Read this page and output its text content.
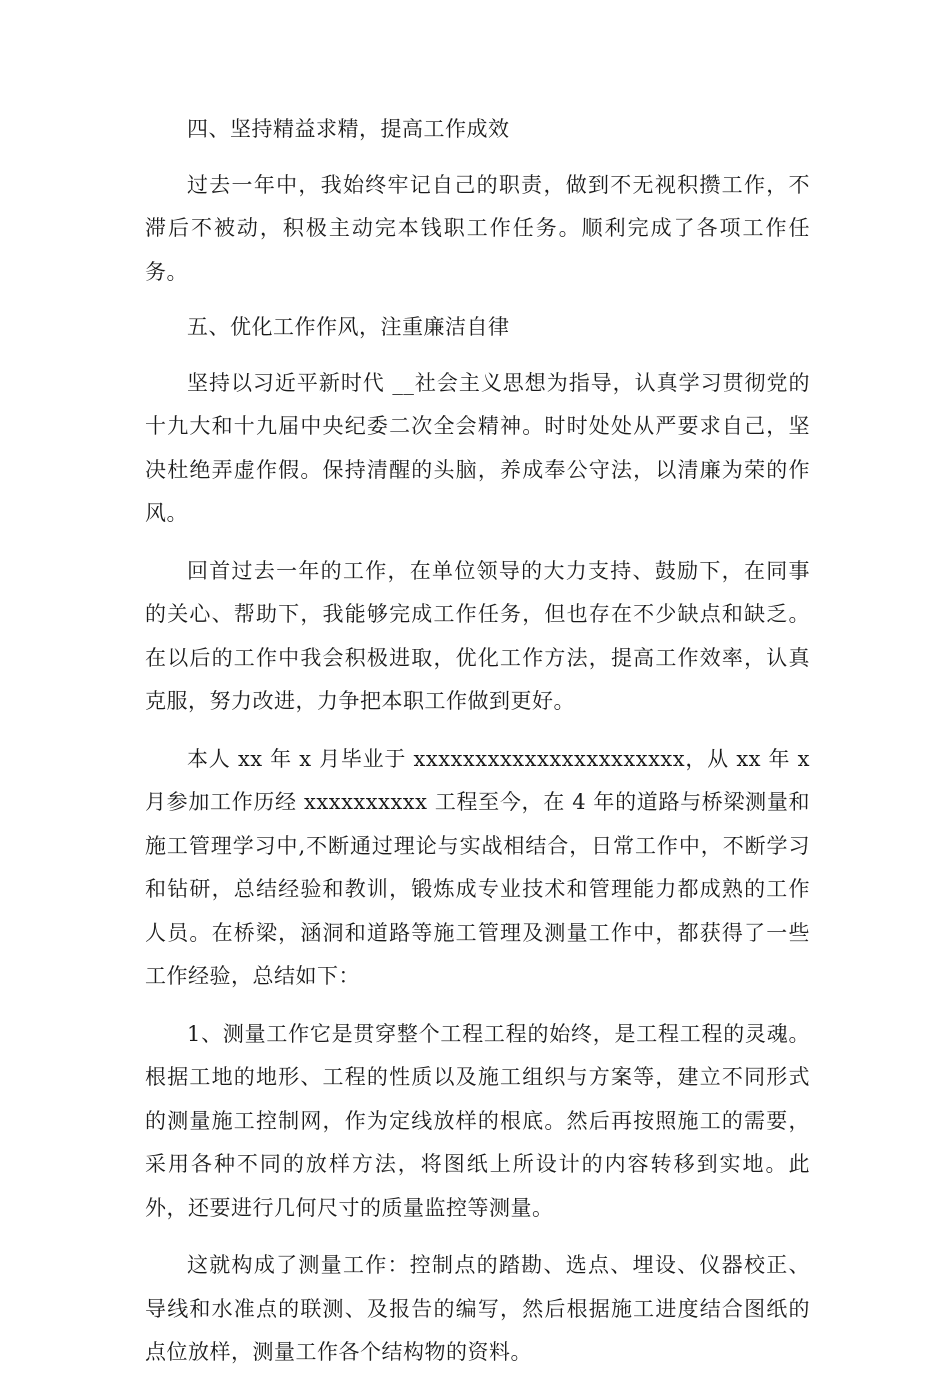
四、坚持精益求精，提高工作成效

过去一年中，我始终牢记自己的职责，做到不无视积攒工作，不滞后不被动，积极主动完本钱职工作任务。顺利完成了各项工作任务。

五、优化工作作风，注重廉洁自律

坚持以习近平新时代 __社会主义思想为指导，认真学习贯彻党的十九大和十九届中央纪委二次全会精神。时时处处从严要求自己，坚决杜绝弄虚作假。保持清醒的头脑，养成奉公守法，以清廉为荣的作风。

回首过去一年的工作，在单位领导的大力支持、鼓励下，在同事的关心、帮助下，我能够完成工作任务，但也存在不少缺点和缺乏。在以后的工作中我会积极进取，优化工作方法，提高工作效率，认真克服，努力改进，力争把本职工作做到更好。

本人 xx 年 x 月毕业于 xxxxxxxxxxxxxxxxxxxxxx，从 xx 年 x 月参加工作历经 xxxxxxxxxx 工程至今，在 4 年的道路与桥梁测量和施工管理学习中,不断通过理论与实战相结合，日常工作中，不断学习和钻研，总结经验和教训，锻炼成专业技术和管理能力都成熟的工作人员。在桥梁，涵洞和道路等施工管理及测量工作中，都获得了一些工作经验，总结如下：

1、测量工作它是贯穿整个工程工程的始终，是工程工程的灵魂。根据工地的地形、工程的性质以及施工组织与方案等，建立不同形式的测量施工控制网，作为定线放样的根底。然后再按照施工的需要，采用各种不同的放样方法，将图纸上所设计的内容转移到实地。此外，还要进行几何尺寸的质量监控等测量。

这就构成了测量工作：控制点的踏勘、选点、埋设、仪器校正、导线和水准点的联测、及报告的编写，然后根据施工进度结合图纸的点位放样，测量工作各个结构物的资料。
